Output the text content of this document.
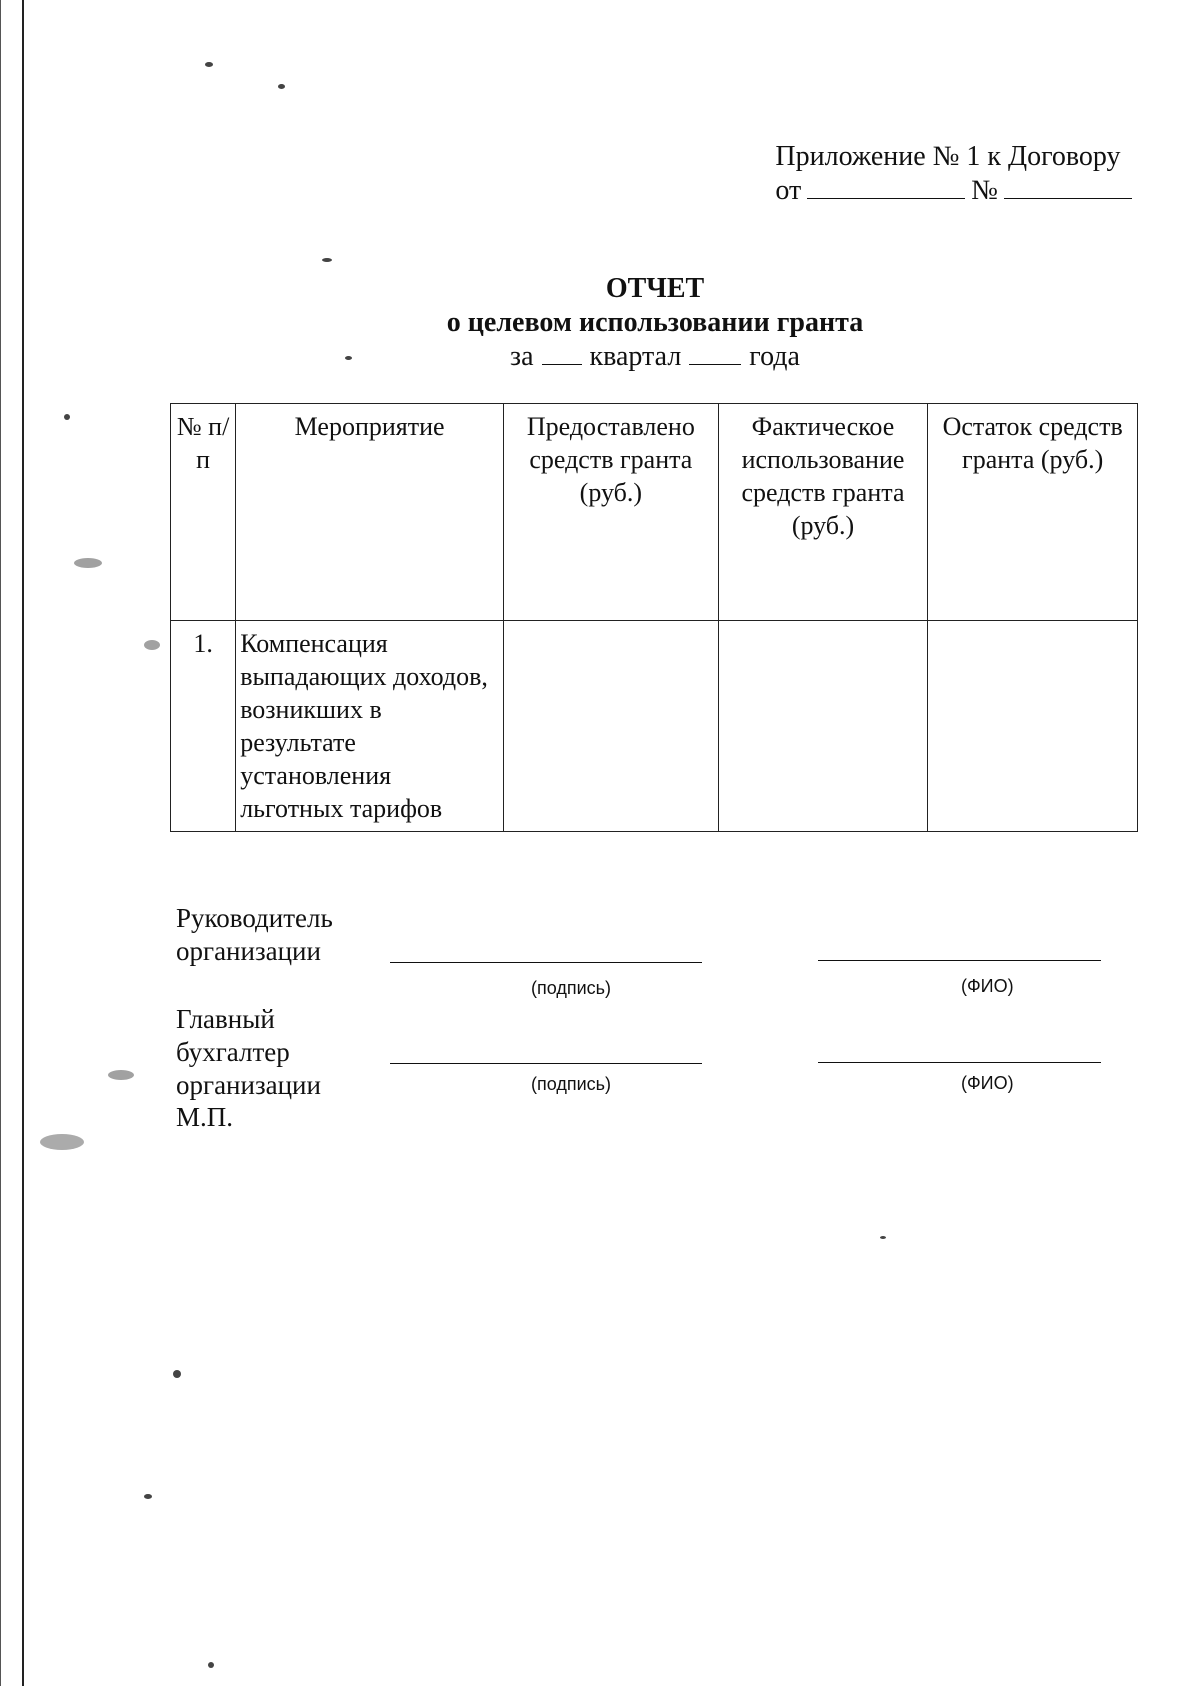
Приложение № 1 к Договору
от	№
ОТЧЕТ
о целевом использовании гранта
за квартал года
№ п/п	Мероприятие	Предоставлено средств гранта (руб.)	Фактическое использование средств гранта (руб.)	Остаток средств гранта (руб.)
1.	Компенсация выпадающих доходов, возникших в результате установления льготных тарифов			
Руководитель организации
(подпись)	(ФИО)
Главный бухгалтер организации
М.П.
(подпись)	(ФИО)
